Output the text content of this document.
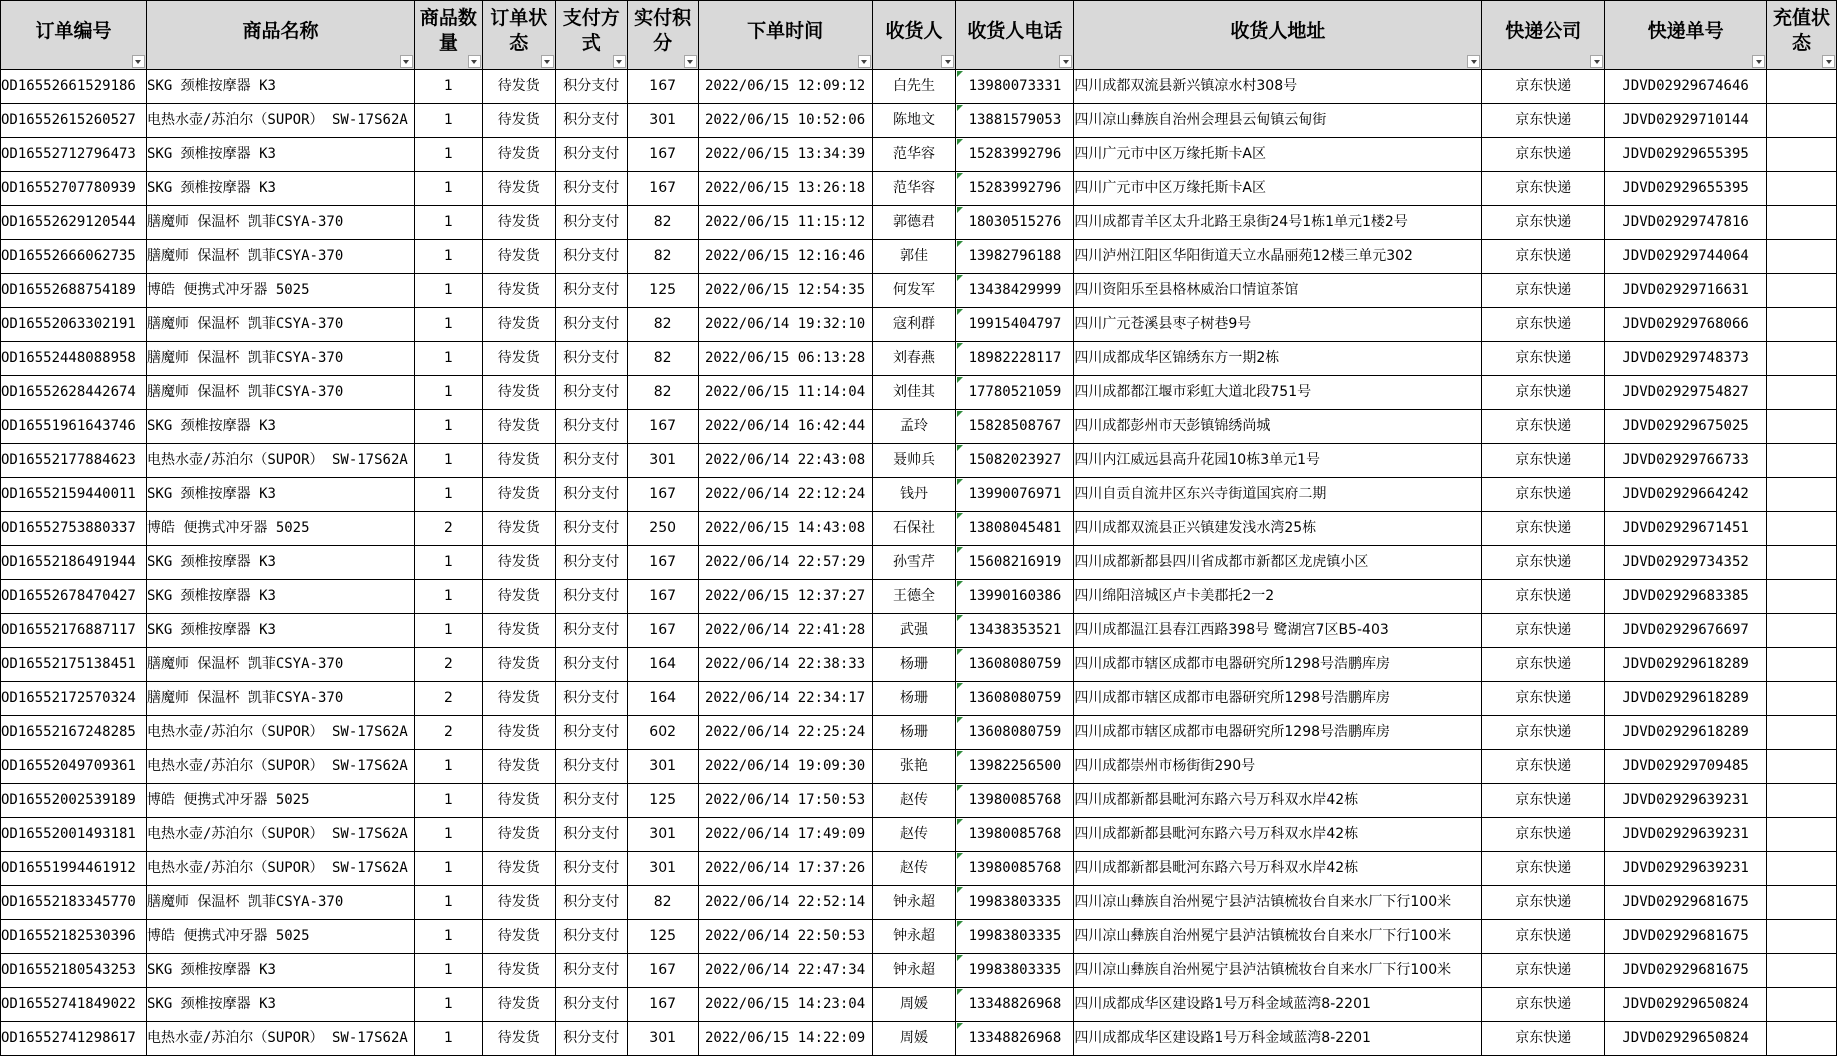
订单编号	商品名称	商品数量	订单状态	支付方式	实付积分	下单时间	收货人	收货人电话	收货人地址	快递公司	快递单号	充值状态

OD16552661529186	SKG 颈椎按摩器 K3	1	待发货	积分支付	167	2022/06/15 12:09:12	白先生	13980073331	四川成都双流县新兴镇凉水村308号	京东快递	JDVD02929674646	
OD16552615260527	电热水壶/苏泊尔（SUPOR） SW-17S62A	1	待发货	积分支付	301	2022/06/15 10:52:06	陈地文	13881579053	四川凉山彝族自治州会理县云甸镇云甸街	京东快递	JDVD02929710144	
OD16552712796473	SKG 颈椎按摩器 K3	1	待发货	积分支付	167	2022/06/15 13:34:39	范华容	15283992796	四川广元市中区万缘托斯卡A区	京东快递	JDVD02929655395	
OD16552707780939	SKG 颈椎按摩器 K3	1	待发货	积分支付	167	2022/06/15 13:26:18	范华容	15283992796	四川广元市中区万缘托斯卡A区	京东快递	JDVD02929655395	
OD16552629120544	膳魔师 保温杯 凯菲CSYA-370	1	待发货	积分支付	82	2022/06/15 11:15:12	郭德君	18030515276	四川成都青羊区太升北路王泉街24号1栋1单元1楼2号	京东快递	JDVD02929747816	
OD16552666062735	膳魔师 保温杯 凯菲CSYA-370	1	待发货	积分支付	82	2022/06/15 12:16:46	郭佳	13982796188	四川泸州江阳区华阳街道天立水晶丽苑12楼三单元302	京东快递	JDVD02929744064	
OD16552688754189	博皓 便携式冲牙器 5025	1	待发货	积分支付	125	2022/06/15 12:54:35	何发军	13438429999	四川资阳乐至县格林威治口情谊茶馆	京东快递	JDVD02929716631	
OD16552063302191	膳魔师 保温杯 凯菲CSYA-370	1	待发货	积分支付	82	2022/06/14 19:32:10	寇利群	19915404797	四川广元苍溪县枣子树巷9号	京东快递	JDVD02929768066	
OD16552448088958	膳魔师 保温杯 凯菲CSYA-370	1	待发货	积分支付	82	2022/06/15 06:13:28	刘春燕	18982228117	四川成都成华区锦绣东方一期2栋	京东快递	JDVD02929748373	
OD16552628442674	膳魔师 保温杯 凯菲CSYA-370	1	待发货	积分支付	82	2022/06/15 11:14:04	刘佳其	17780521059	四川成都都江堰市彩虹大道北段751号	京东快递	JDVD02929754827	
OD16551961643746	SKG 颈椎按摩器 K3	1	待发货	积分支付	167	2022/06/14 16:42:44	孟玲	15828508767	四川成都彭州市天彭镇锦绣尚城	京东快递	JDVD02929675025	
OD16552177884623	电热水壶/苏泊尔（SUPOR） SW-17S62A	1	待发货	积分支付	301	2022/06/14 22:43:08	聂帅兵	15082023927	四川内江威远县高升花园10栋3单元1号	京东快递	JDVD02929766733	
OD16552159440011	SKG 颈椎按摩器 K3	1	待发货	积分支付	167	2022/06/14 22:12:24	钱丹	13990076971	四川自贡自流井区东兴寺街道国宾府二期	京东快递	JDVD02929664242	
OD16552753880337	博皓 便携式冲牙器 5025	2	待发货	积分支付	250	2022/06/15 14:43:08	石保社	13808045481	四川成都双流县正兴镇建发浅水湾25栋	京东快递	JDVD02929671451	
OD16552186491944	SKG 颈椎按摩器 K3	1	待发货	积分支付	167	2022/06/14 22:57:29	孙雪芹	15608216919	四川成都新都县四川省成都市新都区龙虎镇小区	京东快递	JDVD02929734352	
OD16552678470427	SKG 颈椎按摩器 K3	1	待发货	积分支付	167	2022/06/15 12:37:27	王德全	13990160386	四川绵阳涪城区卢卡美郡托2一2	京东快递	JDVD02929683385	
OD16552176887117	SKG 颈椎按摩器 K3	1	待发货	积分支付	167	2022/06/14 22:41:28	武强	13438353521	四川成都温江县春江西路398号 鹭湖宫7区B5-403	京东快递	JDVD02929676697	
OD16552175138451	膳魔师 保温杯 凯菲CSYA-370	2	待发货	积分支付	164	2022/06/14 22:38:33	杨珊	13608080759	四川成都市辖区成都市电器研究所1298号浩鹏库房	京东快递	JDVD02929618289	
OD16552172570324	膳魔师 保温杯 凯菲CSYA-370	2	待发货	积分支付	164	2022/06/14 22:34:17	杨珊	13608080759	四川成都市辖区成都市电器研究所1298号浩鹏库房	京东快递	JDVD02929618289	
OD16552167248285	电热水壶/苏泊尔（SUPOR） SW-17S62A	2	待发货	积分支付	602	2022/06/14 22:25:24	杨珊	13608080759	四川成都市辖区成都市电器研究所1298号浩鹏库房	京东快递	JDVD02929618289	
OD16552049709361	电热水壶/苏泊尔（SUPOR） SW-17S62A	1	待发货	积分支付	301	2022/06/14 19:09:30	张艳	13982256500	四川成都崇州市杨街街290号	京东快递	JDVD02929709485	
OD16552002539189	博皓 便携式冲牙器 5025	1	待发货	积分支付	125	2022/06/14 17:50:53	赵传	13980085768	四川成都新都县毗河东路六号万科双水岸42栋	京东快递	JDVD02929639231	
OD16552001493181	电热水壶/苏泊尔（SUPOR） SW-17S62A	1	待发货	积分支付	301	2022/06/14 17:49:09	赵传	13980085768	四川成都新都县毗河东路六号万科双水岸42栋	京东快递	JDVD02929639231	
OD16551994461912	电热水壶/苏泊尔（SUPOR） SW-17S62A	1	待发货	积分支付	301	2022/06/14 17:37:26	赵传	13980085768	四川成都新都县毗河东路六号万科双水岸42栋	京东快递	JDVD02929639231	
OD16552183345770	膳魔师 保温杯 凯菲CSYA-370	1	待发货	积分支付	82	2022/06/14 22:52:14	钟永超	19983803335	四川凉山彝族自治州冕宁县泸沽镇梳妆台自来水厂下行100米	京东快递	JDVD02929681675	
OD16552182530396	博皓 便携式冲牙器 5025	1	待发货	积分支付	125	2022/06/14 22:50:53	钟永超	19983803335	四川凉山彝族自治州冕宁县泸沽镇梳妆台自来水厂下行100米	京东快递	JDVD02929681675	
OD16552180543253	SKG 颈椎按摩器 K3	1	待发货	积分支付	167	2022/06/14 22:47:34	钟永超	19983803335	四川凉山彝族自治州冕宁县泸沽镇梳妆台自来水厂下行100米	京东快递	JDVD02929681675	
OD16552741849022	SKG 颈椎按摩器 K3	1	待发货	积分支付	167	2022/06/15 14:23:04	周媛	13348826968	四川成都成华区建设路1号万科金域蓝湾8-2201	京东快递	JDVD02929650824	
OD16552741298617	电热水壶/苏泊尔（SUPOR） SW-17S62A	1	待发货	积分支付	301	2022/06/15 14:22:09	周媛	13348826968	四川成都成华区建设路1号万科金域蓝湾8-2201	京东快递	JDVD02929650824	
